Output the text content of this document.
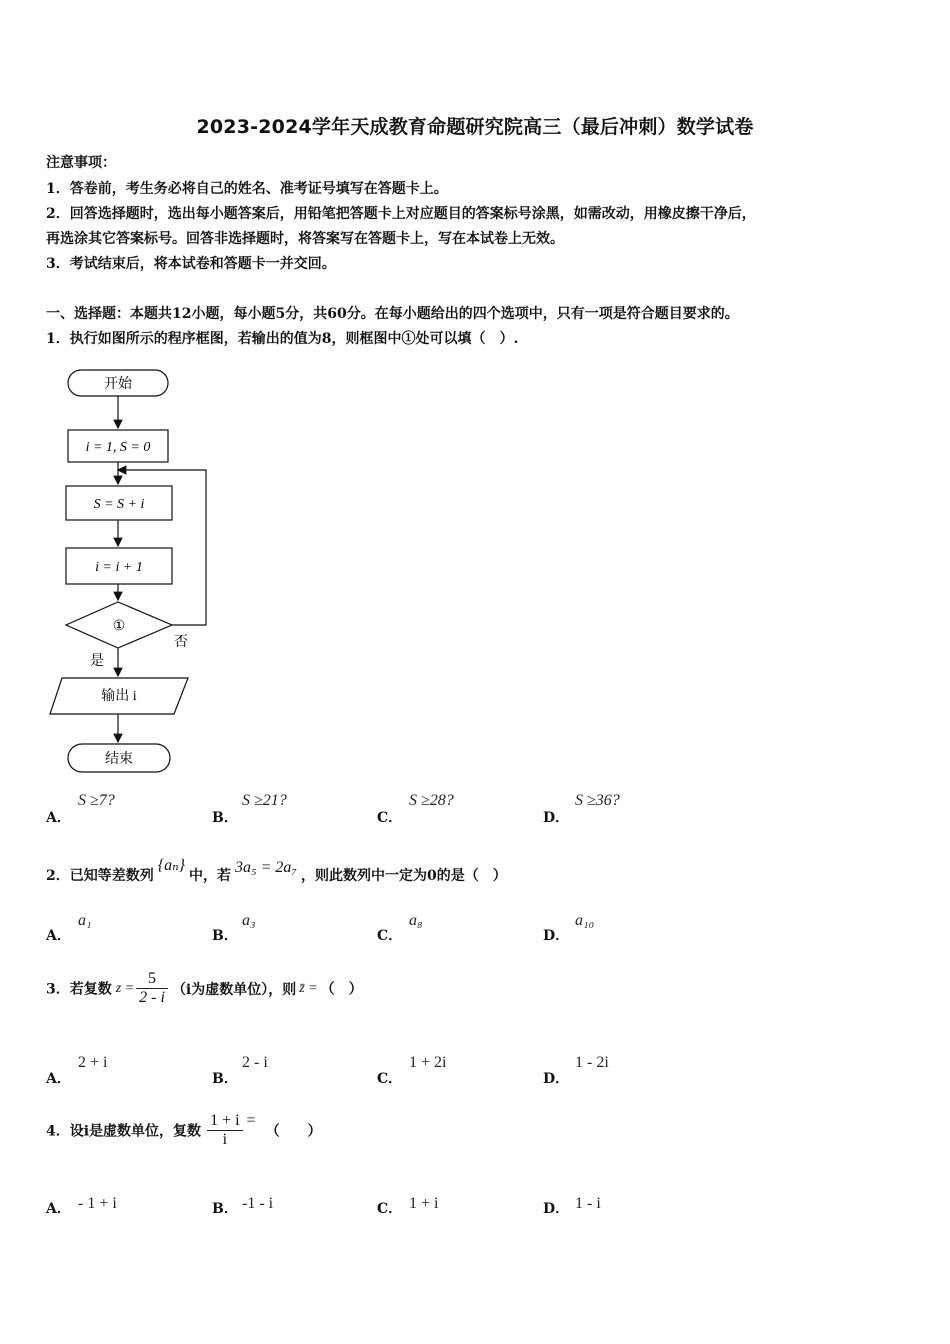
2023-2024学年天成教育命题研究院高三（最后冲刺）数学试卷
注意事项：
1．答卷前，考生务必将自己的姓名、准考证号填写在答题卡上。
2．回答选择题时，选出每小题答案后，用铅笔把答题卡上对应题目的答案标号涂黑，如需改动，用橡皮擦干净后，
再选涂其它答案标号。回答非选择题时，将答案写在答题卡上，写在本试卷上无效。
3．考试结束后，将本试卷和答题卡一并交回。
一、选择题：本题共12小题，每小题5分，共60分。在每小题给出的四个选项中，只有一项是符合题目要求的。
1．执行如图所示的程序框图，若输出的值为8，则框图中①处可以填（　）.
开始
i = 1, S = 0
S = S + i
i = i + 1
①
否
是
输出 i
结束
A．
S ≥7?
B．
S ≥21?
C．
S ≥28?
D．
S ≥36?
2．已知等差数列{aₙ}中，若 3a₅ = 2a₇ ，则此数列中一定为0的是（　）
A．
a₁
B．
a₃
C．
a₈
D．
a₁₀
3．若复数 $z = \frac{5}{2 - i} (i$为虚数单位），则 z̄ = （　）
A．
2 + i
B．
2 - i
C．
1 + 2i
D．
1 - 2i
4．设i是虚数单位，复数 $\frac{1 + i}{i}$ =（　　）
A． - 1 + i	B． -1 - i	C． 1 + i	D． 1 - i
